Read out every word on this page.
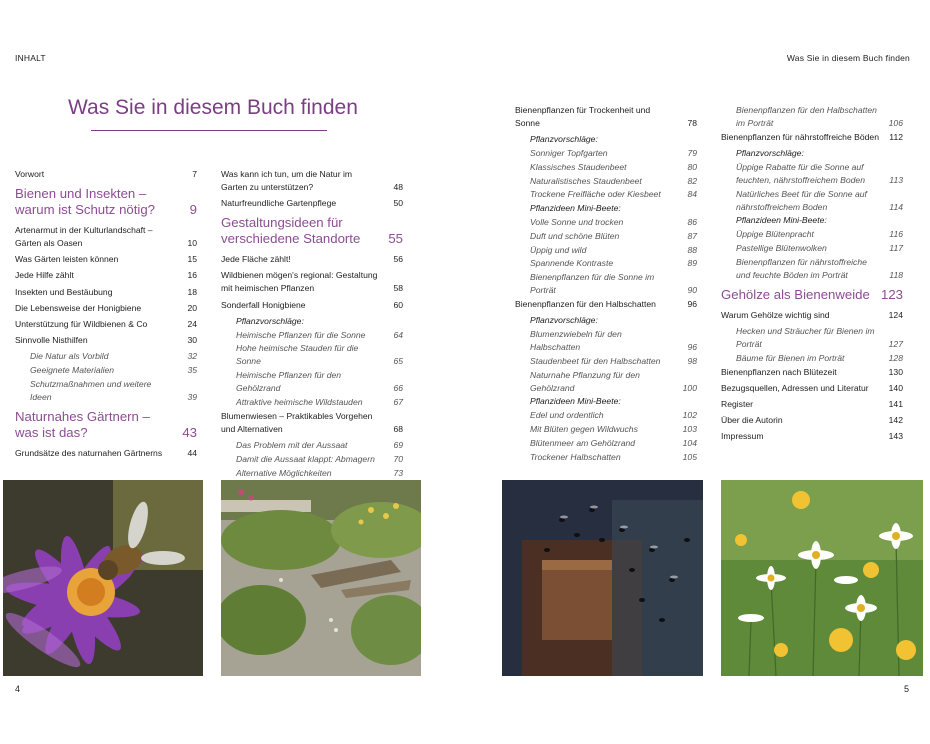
INHALT	Was Sie in diesem Buch finden
Was Sie in diesem Buch finden
Vorwort	7
Bienen und Insekten – warum ist Schutz nötig?	9
Artenarmut in der Kulturlandschaft – Gärten als Oasen	10
Was Gärten leisten können	15
Jede Hilfe zählt	16
Insekten und Bestäubung	18
Die Lebensweise der Honigbiene	20
Unterstützung für Wildbienen & Co	24
Sinnvolle Nisthilfen	30
Die Natur als Vorbild	32
Geeignete Materialien	35
Schutzmaßnahmen und weitere Ideen	39
Naturnahes Gärtnern – was ist das?	43
Grundsätze des naturnahen Gärtnerns	44
Was kann ich tun, um die Natur im Garten zu unterstützen?	48
Naturfreundliche Gartenpflege	50
Gestaltungsideen für verschiedene Standorte 55
Jede Fläche zählt!	56
Wildbienen mögen's regional: Gestaltung mit heimischen Pflanzen	58
Sonderfall Honigbiene	60
Pflanzvorschläge:
Heimische Pflanzen für die Sonne	64
Hohe heimische Stauden für die Sonne	65
Heimische Pflanzen für den Gehölzrand	66
Attraktive heimische Wildstauden	67
Blumenwiesen – Praktikables Vorgehen und Alternativen	68
Das Problem mit der Aussaat	69
Damit die Aussaat klappt: Abmagern 70
Alternative Möglichkeiten	73
Bienenpflanzen für Trockenheit und Sonne	78
Pflanzvorschläge:
Sonniger Topfgarten	79
Klassisches Staudenbeet	80
Naturalistisches Staudenbeet	82
Trockene Freifläche oder Kiesbeet	84
Pflanzideen Mini-Beete:
Volle Sonne und trocken	86
Duft und schöne Blüten	87
Üppig und wild	88
Spannende Kontraste	89
Bienenpflanzen für die Sonne im Porträt	90
Bienenpflanzen für den Halbschatten	96
Pflanzvorschläge:
Blumenzwiebeln für den Halbschatten	96
Staudenbeet für den Halbschatten	98
Naturnahe Pflanzung für den Gehölzrand	100
Pflanzideen Mini-Beete:
Edel und ordentlich	102
Mit Blüten gegen Wildwuchs	103
Blütenmeer am Gehölzrand	104
Trockener Halbschatten	105
Bienenpflanzen für den Halbschatten im Porträt	106
Bienenpflanzen für nährstoffreiche Böden 112
Pflanzvorschläge:
Üppige Rabatte für die Sonne auf feuchten, nährstoffreichem Boden	113
Natürliches Beet für die Sonne auf nährstoffreichem Boden	114
Pflanzideen Mini-Beete:
Üppige Blütenpracht	116
Pastellige Blütenwolken	117
Bienenpflanzen für nährstoffreiche und feuchte Böden im Porträt	118
Gehölze als Bienenweide 123
Warum Gehölze wichtig sind	124
Hecken und Sträucher für Bienen im Porträt	127
Bäume für Bienen im Porträt	128
Bienenpflanzen nach Blütezeit	130
Bezugsquellen, Adressen und Literatur 140
Register	141
Über die Autorin	142
Impressum	143
4	5
